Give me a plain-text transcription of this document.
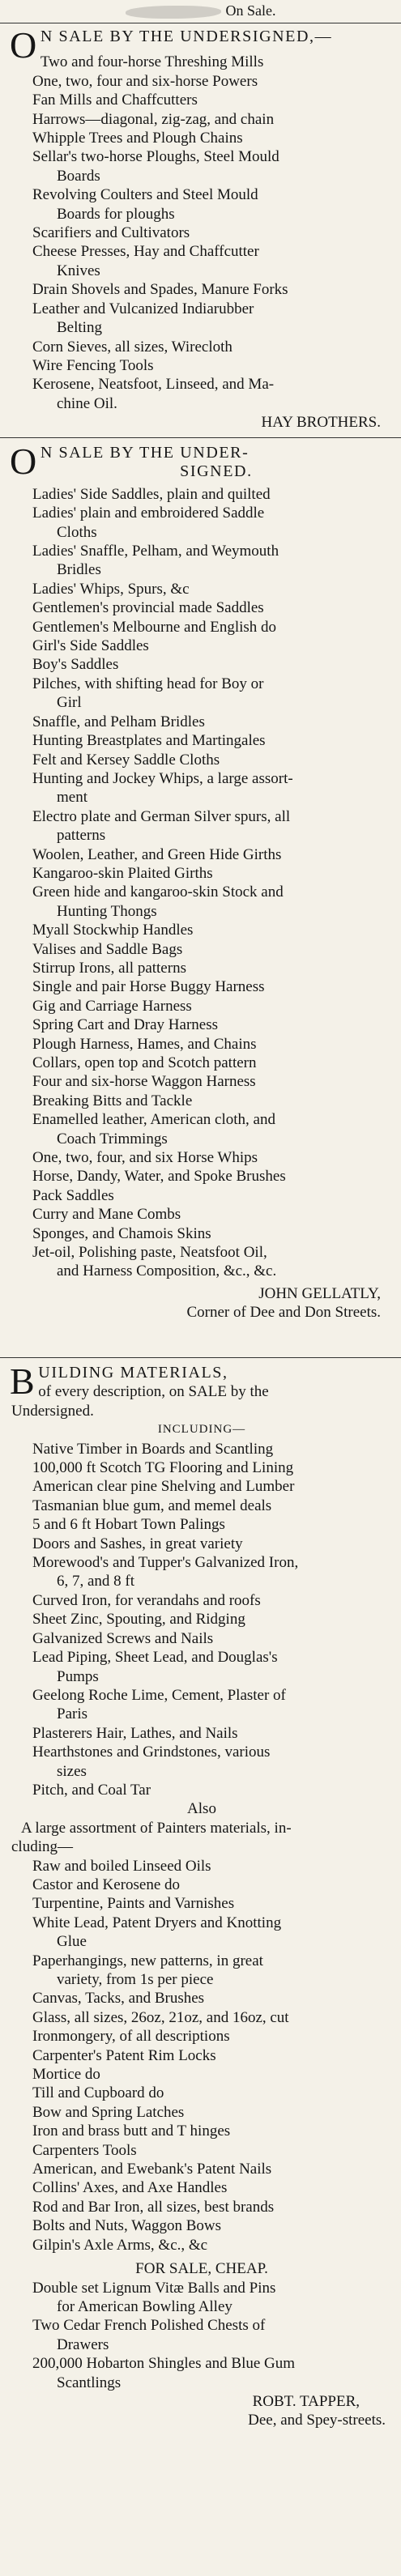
On Sale.
O N SALE BY THE UNDERSIGNED,—
Two and four-horse Threshing Mills
One, two, four and six-horse Powers
Fan Mills and Chaffcutters
Harrows—diagonal, zig-zag, and chain
Whipple Trees and Plough Chains
Sellar's two-horse Ploughs, Steel Mould
Boards
Revolving Coulters and Steel Mould
Boards for ploughs
Scarifiers and Cultivators
Cheese Presses, Hay and Chaffcutter
Knives
Drain Shovels and Spades, Manure Forks
Leather and Vulcanized Indiarubber
Belting
Corn Sieves, all sizes, Wirecloth
Wire Fencing Tools
Kerosene, Neatsfoot, Linseed, and Ma-
chine Oil.
HAY BROTHERS.
O N SALE BY THE UNDER-
SIGNED.
Ladies' Side Saddles, plain and quilted
Ladies' plain and embroidered Saddle
Cloths
Ladies' Snaffle, Pelham, and Weymouth
Bridles
Ladies' Whips, Spurs, &c
Gentlemen's provincial made Saddles
Gentlemen's Melbourne and English do
Girl's Side Saddles
Boy's Saddles
Pilches, with shifting head for Boy or
Girl
Snaffle, and Pelham Bridles
Hunting Breastplates and Martingales
Felt and Kersey Saddle Cloths
Hunting and Jockey Whips, a large assort-
ment
Electro plate and German Silver spurs, all
patterns
Woolen, Leather, and Green Hide Girths
Kangaroo-skin Plaited Girths
Green hide and kangaroo-skin Stock and
Hunting Thongs
Myall Stockwhip Handles
Valises and Saddle Bags
Stirrup Irons, all patterns
Single and pair Horse Buggy Harness
Gig and Carriage Harness
Spring Cart and Dray Harness
Plough Harness, Hames, and Chains
Collars, open top and Scotch pattern
Four and six-horse Waggon Harness
Breaking Bitts and Tackle
Enamelled leather, American cloth, and
Coach Trimmings
One, two, four, and six Horse Whips
Horse, Dandy, Water, and Spoke Brushes
Pack Saddles
Curry and Mane Combs
Sponges, and Chamois Skins
Jet-oil, Polishing paste, Neatsfoot Oil,
and Harness Composition, &c., &c.
JOHN GELLATLY,
Corner of Dee and Don Streets.
BUILDING MATERIALS,
of every description, on SALE by the
Undersigned.
INCLUDING—
Native Timber in Boards and Scantling
100,000 ft Scotch TG Flooring and Lining
American clear pine Shelving and Lumber
Tasmanian blue gum, and memel deals
5 and 6 ft Hobart Town Palings
Doors and Sashes, in great variety
Morewood's and Tupper's Galvanized Iron,
6, 7, and 8 ft
Curved Iron, for verandahs and roofs
Sheet Zinc, Spouting, and Ridging
Galvanized Screws and Nails
Lead Piping, Sheet Lead, and Douglas's
Pumps
Geelong Roche Lime, Cement, Plaster of
Paris
Plasterers Hair, Lathes, and Nails
Hearthstones and Grindstones, various
sizes
Pitch, and Coal Tar
Also
A large assortment of Painters materials, in-
cluding—
Raw and boiled Linseed Oils
Castor and Kerosene do
Turpentine, Paints and Varnishes
White Lead, Patent Dryers and Knotting
Glue
Paperhangings, new patterns, in great
variety, from 1s per piece
Canvas, Tacks, and Brushes
Glass, all sizes, 26oz, 21oz, and 16oz, cut
Ironmongery, of all descriptions
Carpenter's Patent Rim Locks
Mortice do
Till and Cupboard do
Bow and Spring Latches
Iron and brass butt and T hinges
Carpenters Tools
American, and Ewebank's Patent Nails
Collins' Axes, and Axe Handles
Rod and Bar Iron, all sizes, best brands
Bolts and Nuts, Waggon Bows
Gilpin's Axle Arms, &c., &c
FOR SALE, CHEAP.
Double set Lignum Vitæ Balls and Pins
for American Bowling Alley
Two Cedar French Polished Chests of
Drawers
200,000 Hobarton Shingles and Blue Gum
Scantlings
ROBT. TAPPER,
Dee, and Spey-streets.
